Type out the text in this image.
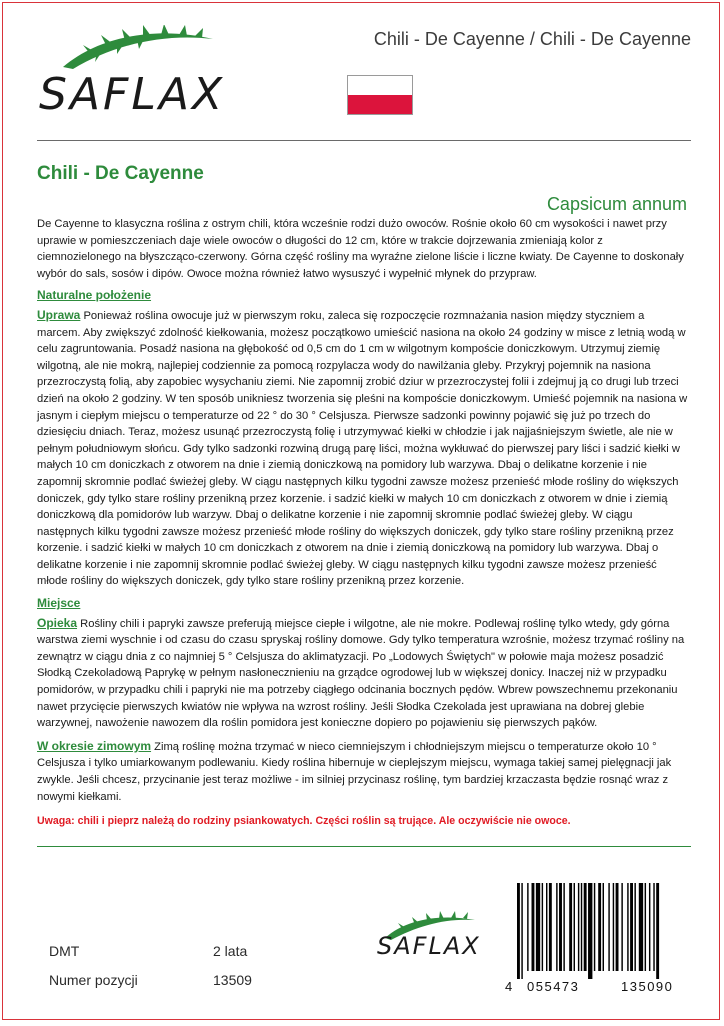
SAFLAX
Chili - De Cayenne / Chili - De Cayenne
Chili - De Cayenne
Capsicum annum

De Cayenne to klasyczna roślina z ostrym chili, która wcześnie rodzi dużo owoców. Rośnie około 60 cm wysokości i nawet przy uprawie w pomieszczeniach daje wiele owoców o długości do 12 cm, które w trakcie dojrzewania zmieniają kolor z ciemnozielonego na błyszcząco-czerwony. Górna część rośliny ma wyraźne zielone liście i liczne kwiaty. De Cayenne to doskonały wybór do sals, sosów i dipów. Owoce można również łatwo wysuszyć i wypełnić młynek do przypraw.

Naturalne położenie

Uprawa Ponieważ roślina owocuje już w pierwszym roku, zaleca się rozpoczęcie rozmnażania nasion między styczniem a marcem. Aby zwiększyć zdolność kiełkowania, możesz początkowo umieścić nasiona na około 24 godziny w misce z letnią wodą w celu zagruntowania. Posadź nasiona na głębokość od 0,5 cm do 1 cm w wilgotnym kompoście doniczkowym. Utrzymuj ziemię wilgotną, ale nie mokrą, najlepiej codziennie za pomocą rozpylacza wody do nawilżania gleby. Przykryj pojemnik na nasiona przezroczystą folią, aby zapobiec wysychaniu ziemi. Nie zapomnij zrobić dziur w przezroczystej folii i zdejmuj ją co drugi lub trzeci dzień na około 2 godziny. W ten sposób unikniesz tworzenia się pleśni na kompoście doniczkowym. Umieść pojemnik na nasiona w jasnym i ciepłym miejscu o temperaturze od 22 ° do 30 ° Celsjusza. Pierwsze sadzonki powinny pojawić się już po trzech do dziesięciu dniach. Teraz, możesz usunąć przezroczystą folię i utrzymywać kiełki w chłodzie i jak najjaśniejszym świetle, ale nie w pełnym południowym słońcu. Gdy tylko sadzonki rozwiną drugą parę liści, można wykłuwać do pierwszej pary liści i sadzić kiełki w małych 10 cm doniczkach z otworem na dnie i ziemią doniczkową na pomidory lub warzywa. Dbaj o delikatne korzenie i nie zapomnij skromnie podlać świeżej gleby. W ciągu następnych kilku tygodni zawsze możesz przenieść młode rośliny do większych doniczek, gdy tylko stare rośliny przenikną przez korzenie. i sadzić kiełki w małych 10 cm doniczkach z otworem w dnie i ziemią doniczkową dla pomidorów lub warzyw. Dbaj o delikatne korzenie i nie zapomnij skromnie podlać świeżej gleby. W ciągu następnych kilku tygodni zawsze możesz przenieść młode rośliny do większych doniczek, gdy tylko stare rośliny przenikną przez korzenie. i sadzić kiełki w małych 10 cm doniczkach z otworem na dnie i ziemią doniczkową na pomidory lub warzywa. Dbaj o delikatne korzenie i nie zapomnij skromnie podlać świeżej gleby. W ciągu następnych kilku tygodni zawsze możesz przenieść młode rośliny do większych doniczek, gdy tylko stare rośliny przenikną przez korzenie.

Miejsce

Opieka Rośliny chili i papryki zawsze preferują miejsce ciepłe i wilgotne, ale nie mokre. Podlewaj roślinę tylko wtedy, gdy górna warstwa ziemi wyschnie i od czasu do czasu spryskaj rośliny domowe. Gdy tylko temperatura wzrośnie, możesz trzymać rośliny na zewnątrz w ciągu dnia z co najmniej 5 ° Celsjusza do aklimatyzacji. Po „Lodowych Świętych" w połowie maja możesz posadzić Słodką Czekoladową Paprykę w pełnym nasłonecznieniu na grządce ogrodowej lub w większej donicy. Inaczej niż w przypadku pomidorów, w przypadku chili i papryki nie ma potrzeby ciągłego odcinania bocznych pędów. Wbrew powszechnemu przekonaniu nawet przycięcie pierwszych kwiatów nie wpływa na wzrost rośliny. Jeśli Słodka Czekolada jest uprawiana na dobrej glebie warzywnej, nawożenie nawozem dla roślin pomidora jest konieczne dopiero po pojawieniu się pierwszych pąków.

W okresie zimowym Zimą roślinę można trzymać w nieco ciemniejszym i chłodniejszym miejscu o temperaturze około 10 ° Celsjusza i tylko umiarkowanym podlewaniu. Kiedy roślina hibernuje w cieplejszym miejscu, wymaga takiej samej pielęgnacji jak zwykle. Jeśli chcesz, przycinanie jest teraz możliwe - im silniej przycinasz roślinę, tym bardziej krzaczasta będzie rosnąć wraz z nowymi kiełkami.

Uwaga: chili i pieprz należą do rodziny psiankowatych. Części roślin są trujące. Ale oczywiście nie owoce.
DMT	2 lata
Numer pozycji	13509
SAFLAX
4 055473	135090
